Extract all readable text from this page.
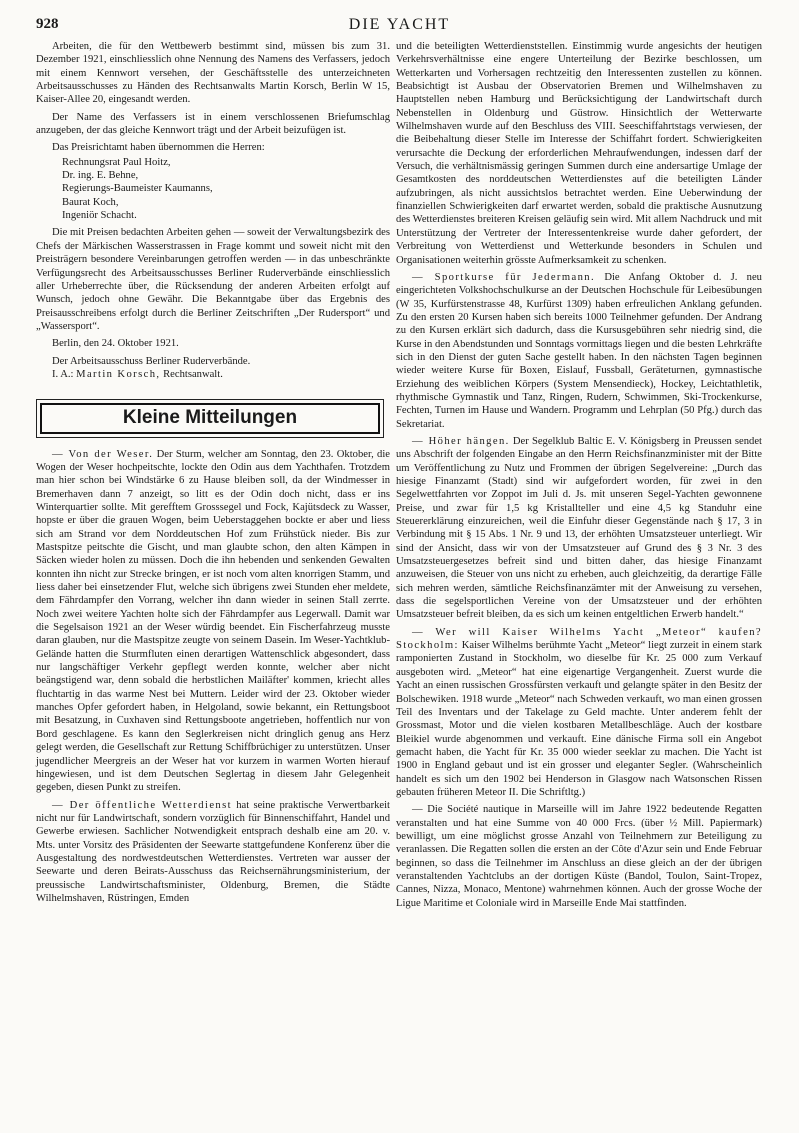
928	DIE YACHT

Arbeiten, die für den Wettbewerb bestimmt sind, müssen bis zum 31. Dezember 1921, einschliesslich ohne Nennung des Namens des Verfassers, jedoch mit einem Kennwort versehen, der Geschäftsstelle des unterzeichneten Arbeitsausschusses zu Händen des Rechtsanwalts Martin Korsch, Berlin W 15, Kaiser-Allee 20, eingesandt werden.

Der Name des Verfassers ist in einem verschlossenen Briefumschlag anzugeben, der das gleiche Kennwort trägt und der Arbeit beizufügen ist.

Das Preisrichtamt haben übernommen die Herren:

Rechnungsrat Paul Hoitz,
Dr. ing. E. Behne,
Regierungs-Baumeister Kaumanns,
Baurat Koch,
Ingeniör Schacht.

Die mit Preisen bedachten Arbeiten gehen — soweit der Verwaltungsbezirk des Chefs der Märkischen Wasserstrassen in Frage kommt und soweit nicht mit den Preisträgern besondere Vereinbarungen getroffen werden — in das unbeschränkte Verfügungsrecht des Arbeitsausschusses Berliner Ruderverbände einschliesslich aller Urheberrechte über, die Rücksendung der anderen Arbeiten erfolgt auf Wunsch, jedoch ohne Gewähr. Die Bekanntgabe über das Ergebnis des Preisausschreibens erfolgt durch die Berliner Zeitschriften „Der Rudersport“ und „Wassersport“.

Berlin, den 24. Oktober 1921.

Der Arbeitsausschuss Berliner Ruderverbände.

I. A.: Martin Korsch, Rechtsanwalt.

Kleine Mitteilungen

— Von der Weser. Der Sturm, welcher am Sonntag, den 23. Oktober, die Wogen der Weser hochpeitschte, lockte den Odin aus dem Yachthafen. Trotzdem man hier schon bei Windstärke 6 zu Hause bleiben soll, da der Windmesser in Bremerhaven dann 7 anzeigt, so litt es der Odin doch nicht, dass er ins Winterquartier sollte. Mit gerefftem Grosssegel und Fock, Kajütsdeck zu Wasser, hopste er über die grauen Wogen, beim Ueberstaggehen bockte er aber und liess sich am Strand vor dem Norddeutschen Hof zum Frühstück nieder. Bis zur Mastspitze peitschte die Gischt, und man glaubte schon, den alten Kämpen in Säcken wieder holen zu müssen. Doch die ihn hebenden und senkenden Gewalten konnten ihn nicht zur Strecke bringen, er ist noch vom alten knorrigen Stamm, und liess daher bei einsetzender Flut, welche sich übrigens zwei Stunden eher meldete, dem Fährdampfer den Vorrang, welcher ihn dann wieder in seinen Stall zerrte. Noch zwei weitere Yachten holte sich der Fährdampfer aus Legerwall. Damit war die Segelsaison 1921 an der Weser würdig beendet. Ein Fischerfahrzeug musste daran glauben, nur die Mastspitze zeugte von seinem Dasein. Im Weser-Yachtklub-Gelände hatten die Sturmfluten einen derartigen Wattenschlick abgesondert, dass nur langschäftiger Verkehr gepflegt werden konnte, welcher aber nicht beängstigend war, denn sobald die herbstlichen Mailäfter' kommen, kriecht alles fluchtartig in das warme Nest bei Muttern. Leider wird der 23. Oktober wieder manches Opfer gefordert haben, in Helgoland, sowie bekannt, ein Rettungsboot mit Besatzung, in Cuxhaven sind Rettungsboote angetrieben, hoffentlich nur von Bord geschlagene. Es kann den Seglerkreisen nicht dringlich genug ans Herz gelegt werden, die Gesellschaft zur Rettung Schiffbrüchiger zu unterstützen. Unser jugendlicher Meergreis an der Weser hat vor kurzem in warmen Worten hierauf hingewiesen, und ist dem Deutschen Seglertag in diesem Jahr Gelegenheit gegeben, diesen Punkt zu streifen.

— Der öffentliche Wetterdienst hat seine praktische Verwertbarkeit nicht nur für Landwirtschaft, sondern vorzüglich für Binnenschiffahrt, Handel und Gewerbe erwiesen. Sachlicher Notwendigkeit entsprach deshalb eine am 20. v. Mts. unter Vorsitz des Präsidenten der Seewarte stattgefundene Konferenz über die Ausgestaltung des nordwestdeutschen Wetterdienstes. Vertreten war ausser der Seewarte und deren Beirats-Ausschuss das Reichsernährungsministerium, der preussische Landwirtschaftsminister, Oldenburg, Bremen, die Städte Wilhelmshaven, Rüstringen, Emden

und die beteiligten Wetterdienststellen. Einstimmig wurde angesichts der heutigen Verkehrsverhältnisse eine engere Unterteilung der Bezirke beschlossen, um Wetterkarten und Vorhersagen rechtzeitig den Interessenten zustellen zu können. Beabsichtigt ist Ausbau der Observatorien Bremen und Wilhelmshaven zu Hauptstellen neben Hamburg und Berücksichtigung der Landwirtschaft durch Nebenstellen in Oldenburg und Güstrow. Hinsichtlich der Wetterwarte Wilhelmshaven wurde auf den Beschluss des VIII. Seeschiffahrtstags verwiesen, der die Beibehaltung dieser Stelle im Interesse der Schiffahrt fordert. Schwierigkeiten verursachte die Deckung der erforderlichen Mehraufwendungen, indessen darf der Versuch, die verhältnismässig geringen Summen durch eine andersartige Umlage der Gesamtkosten des norddeutschen Wetterdienstes auf die beteiligten Länder aufzubringen, als nicht aussichtslos betrachtet werden. Eine Ueberwindung der finanziellen Schwierigkeiten darf erwartet werden, sobald die praktische Ausnutzung des Wetterdienstes breiteren Kreisen geläufig sein wird. Mit allem Nachdruck und mit Unterstützung der Vertreter der Interessentenkreise wurde daher gefordert, der Verbreitung von Wetterdienst und Wetterkunde besonders in Schulen und Organisationen weiterhin grösste Aufmerksamkeit zu schenken.

— Sportkurse für Jedermann. Die Anfang Oktober d. J. neu eingerichteten Volkshochschulkurse an der Deutschen Hochschule für Leibesübungen (W 35, Kurfürstenstrasse 48, Kurfürst 1309) haben erfreulichen Anklang gefunden. Zu den ersten 20 Kursen haben sich bereits 1000 Teilnehmer gefunden. Der Andrang zu den Kursen erklärt sich dadurch, dass die Kursusgebühren sehr niedrig sind, die Kurse in den Abendstunden und Sonntags vormittags liegen und die besten Lehrkräfte sich in den Dienst der guten Sache gestellt haben. In den nächsten Tagen beginnen wieder weitere Kurse für Boxen, Eislauf, Fussball, Geräteturnen, gymnastische Erziehung des weiblichen Körpers (System Mensendieck), Hockey, Leichtathletik, rhythmische Gymnastik und Tanz, Ringen, Rudern, Schwimmen, Ski-Trockenkurse, Fechten, Turnen im Hause und Wandern. Programm und Lehrplan (50 Pfg.) durch das Sekretariat.

— Höher hängen. Der Segelklub Baltic E. V. Königsberg in Preussen sendet uns Abschrift der folgenden Eingabe an den Herrn Reichsfinanzminister mit der Bitte um Veröffentlichung zu Nutz und Frommen der übrigen Segelvereine: „Durch das hiesige Finanzamt (Stadt) sind wir aufgefordert worden, für zwei in den Segelwettfahrten vor Zoppot im Juli d. Js. mit unseren Segel-Yachten gewonnene Preise, und zwar für 1,5 kg Kristallteller und eine 4,5 kg Standuhr eine Steuererklärung einzureichen, weil die Einfuhr dieser Gegenstände nach § 17, 3 in Verbindung mit § 15 Abs. 1 Nr. 9 und 13, der erhöhten Umsatzsteuer unterliegt. Wir sind der Ansicht, dass wir von der Umsatzsteuer auf Grund des § 3 Nr. 3 des Umsatzsteuergesetzes befreit sind und bitten daher, das hiesige Finanzamt anzuweisen, die Steuer von uns nicht zu erheben, auch gleichzeitig, da derartige Fälle sich mehren werden, sämtliche Reichsfinanzämter mit der Anweisung zu versehen, dass die segelsportlichen Vereine von der Umsatzsteuer und der erhöhten Umsatzsteuer befreit bleiben, da es sich um keinen entgeltlichen Erwerb handelt.“

— Wer will Kaiser Wilhelms Yacht „Meteor“ kaufen? Stockholm: Kaiser Wilhelms berühmte Yacht „Meteor“ liegt zurzeit in einem stark ramponierten Zustand in Stockholm, wo dieselbe für Kr. 25 000 zum Verkauf ausgeboten wird. „Meteor“ hat eine eigenartige Vergangenheit. Zuerst wurde die Yacht an einen russischen Grossfürsten verkauft und gelangte später in den Besitz der Bolschewiken. 1918 wurde „Meteor“ nach Schweden verkauft, wo man einen grossen Teil des Inventars und der Takelage zu Geld machte. Unter anderem fehlt der Grossmast, Motor und die vielen kostbaren Metallbeschläge. Auch der kostbare Bleikiel wurde abgenommen und verkauft. Eine dänische Firma soll ein Angebot gemacht haben, die Yacht für Kr. 35 000 wieder seeklar zu machen. Die Yacht ist 1900 in England gebaut und ist ein grosser und eleganter Segler. (Wahrscheinlich handelt es sich um den 1902 bei Henderson in Glasgow nach Watsonschen Rissen gebauten früheren Meteor II. Die Schriftltg.)

— Die Société nautique in Marseille will im Jahre 1922 bedeutende Regatten veranstalten und hat eine Summe von 40 000 Frcs. (über ½ Mill. Papiermark) bewilligt, um eine möglichst grosse Anzahl von Teilnehmern zur Beteiligung zu veranlassen. Die Regatten sollen die ersten an der Côte d'Azur sein und Ende Februar beginnen, so dass die Teilnehmer im Anschluss an diese gleich an der der übrigen veranstaltenden Yachtclubs an der dortigen Küste (Bandol, Toulon, Saint-Tropez, Cannes, Nizza, Monaco, Mentone) wahrnehmen können. Auch der grosse Woche der Ligue Maritime et Coloniale wird in Marseille Ende Mai stattfinden.
